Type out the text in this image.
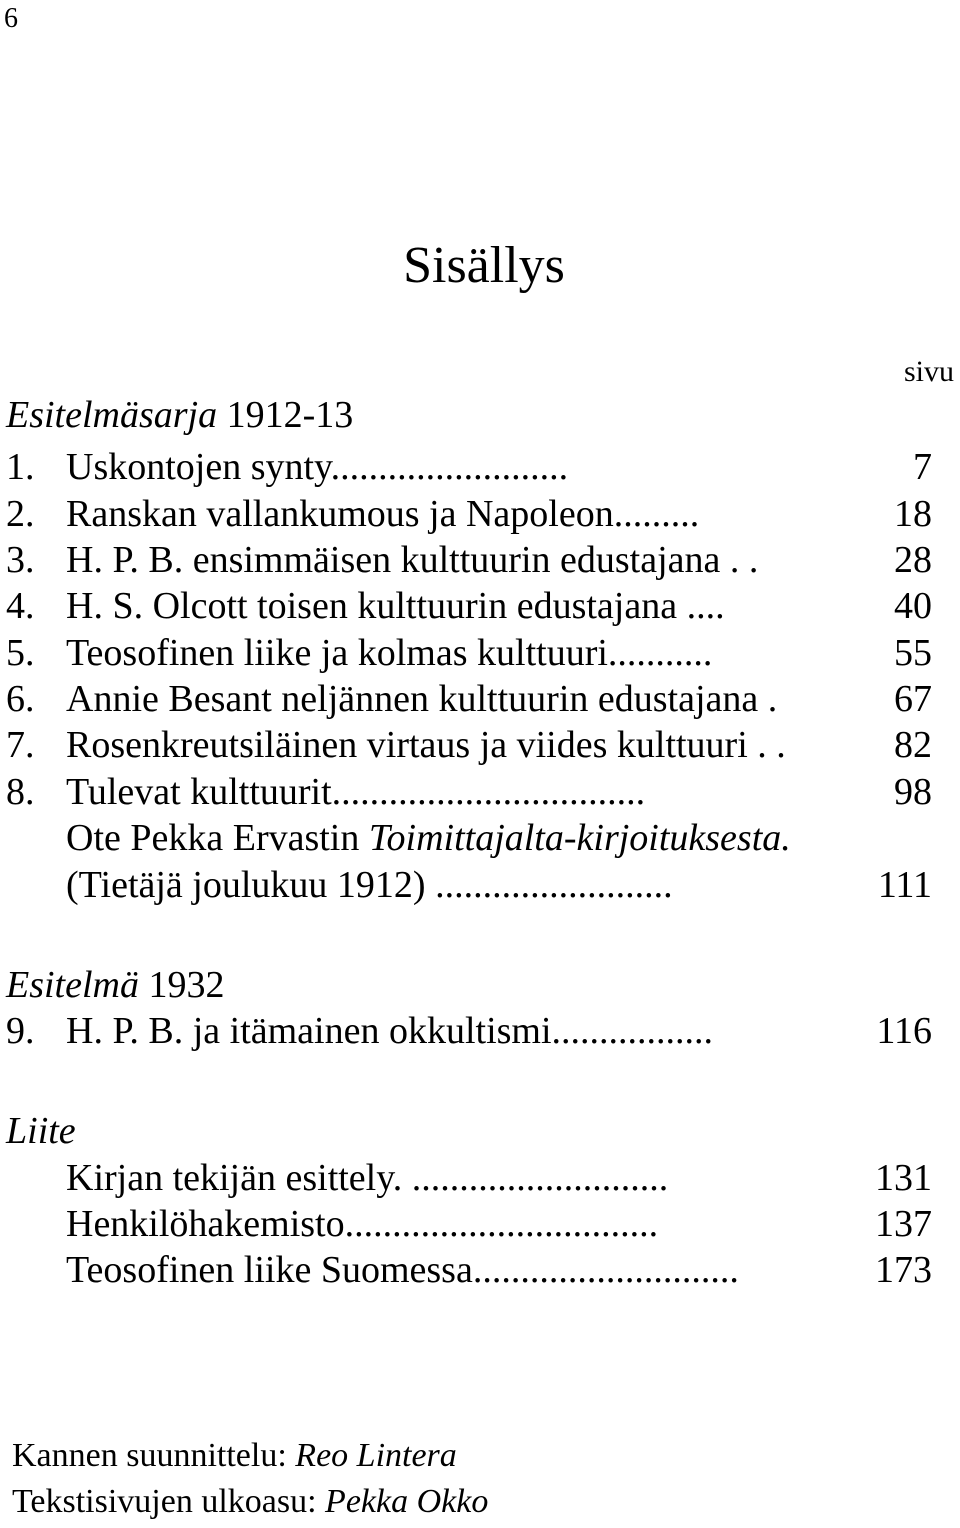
6
Sisällys
sivu
Esitelmäsarja 1912-13
1. Uskontojen synty.........................	7
2. Ranskan vallankumous ja Napoleon.........	18
3. H. P. B. ensimmäisen kulttuurin edustajana . .	28
4. H. S. Olcott toisen kulttuurin edustajana ....	40
5. Teosofinen liike ja kolmas kulttuuri...........	55
6. Annie Besant neljännen kulttuurin edustajana .	67
7. Rosenkreutsiläinen virtaus ja viides kulttuuri . .	82
8. Tulevat kulttuurit.................................	98
Ote Pekka Ervastin Toimittajalta-kirjoituksesta.
(Tietäjä joulukuu 1912) .........................	111
Esitelmä 1932
9. H. P. B. ja itämainen okkultismi.................	116
Liite
Kirjan tekijän esittely. ...........................	131
Henkilöhakemisto.................................	137
Teosofinen liike Suomessa............................	173
Kannen suunnittelu: Reo Lintera
Tekstisivujen ulkoasu: Pekka Okko
